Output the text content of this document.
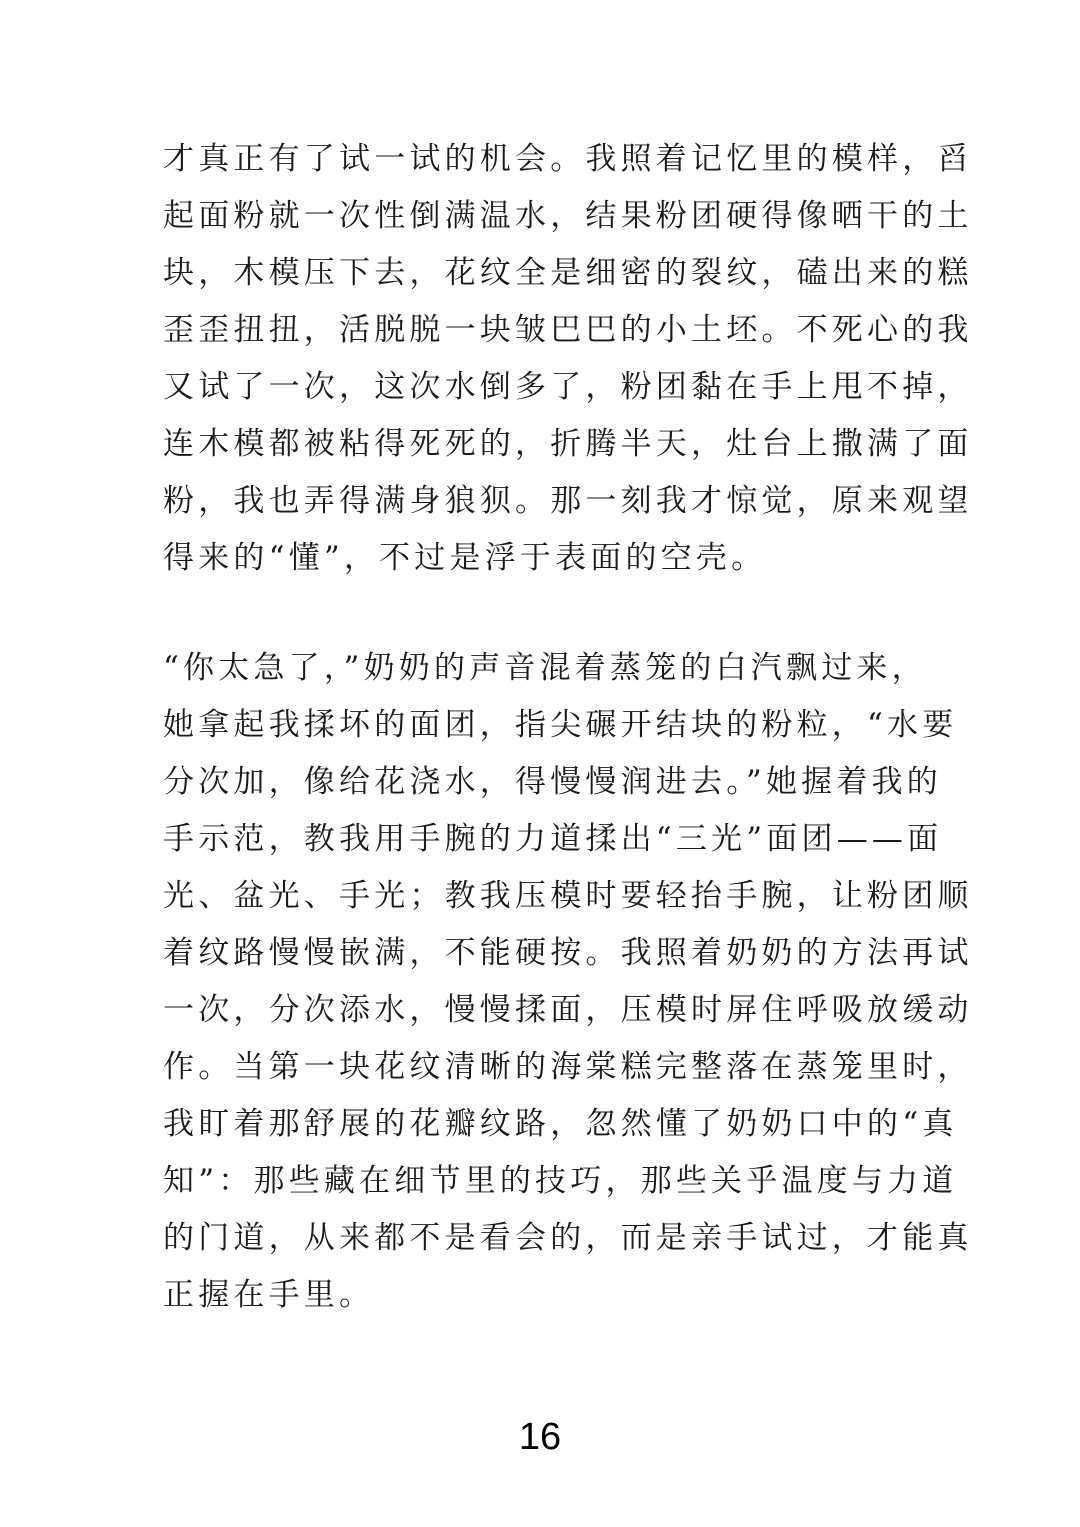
才真正有了试一试的机会。我照着记忆里的模样，舀
起面粉就一次性倒满温水，结果粉团硬得像晒干的土
块，木模压下去，花纹全是细密的裂纹，磕出来的糕
歪歪扭扭，活脱脱一块皱巴巴的小土坯。不死心的我
又试了一次，这次水倒多了，粉团黏在手上甩不掉，
连木模都被粘得死死的，折腾半天，灶台上撒满了面
粉，我也弄得满身狼狈。那一刻我才惊觉，原来观望
得来的“懂”，不过是浮于表面的空壳。
“你太急了，”奶奶的声音混着蒸笼的白汽飘过来，
她拿起我揉坏的面团，指尖碾开结块的粉粒，“水要
分次加，像给花浇水，得慢慢润进去。”她握着我的
手示范，教我用手腕的力道揉出“三光”面团——面
光、盆光、手光；教我压模时要轻抬手腕，让粉团顺
着纹路慢慢嵌满，不能硬按。我照着奶奶的方法再试
一次，分次添水，慢慢揉面，压模时屏住呼吸放缓动
作。当第一块花纹清晰的海棠糕完整落在蒸笼里时，
我盯着那舒展的花瓣纹路，忽然懂了奶奶口中的“真
知”：那些藏在细节里的技巧，那些关乎温度与力道
的门道，从来都不是看会的，而是亲手试过，才能真
正握在手里。
16
